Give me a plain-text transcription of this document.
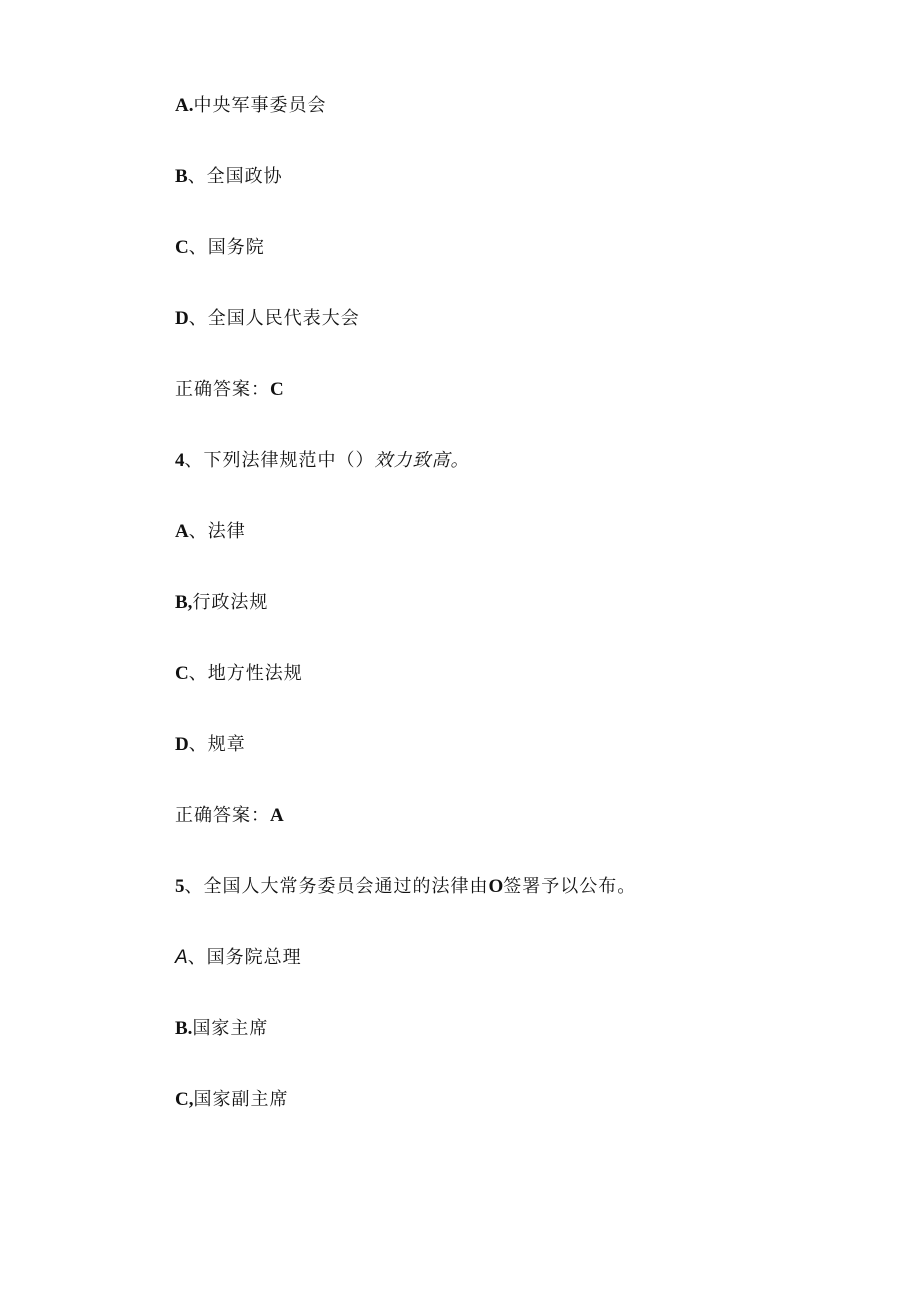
A.中央军事委员会
B、全国政协
C、国务院
D、全国人民代表大会
正确答案：C
4、下列法律规范中（）效力致高。
A、法律
B,行政法规
C、地方性法规
D、规章
正确答案：A
5、全国人大常务委员会通过的法律由O签署予以公布。
A、国务院总理
B.国家主席
C,国家副主席
